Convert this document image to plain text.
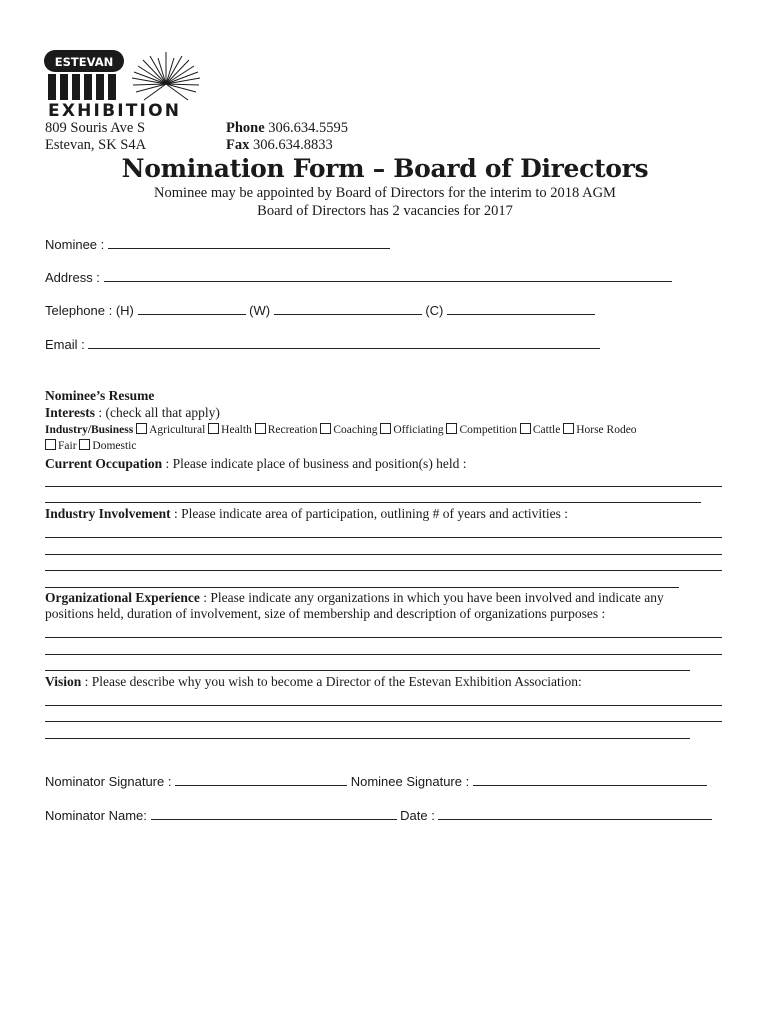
ESTEVAN
EXHIBITION
809 Souris Ave S
Estevan, SK S4A
Phone 306.634.5595
Fax 306.634.8833
Nomination Form – Board of Directors
Nominee may be appointed by Board of Directors for the interim to 2018 AGM
Board of Directors has 2 vacancies for 2017
Nominee :
Address :
Telephone : (H)	(W)	(C)
Email :
Nominee’s Resume
Interests : (check all that apply)
Industry/Business Agricultural Health Recreation Coaching Officiating Competition Cattle Horse Rodeo
Fair Domestic
Current Occupation : Please indicate place of business and position(s) held :
Industry Involvement : Please indicate area of participation, outlining # of years and activities :
Organizational Experience : Please indicate any organizations in which you have been involved and indicate any
positions held, duration of involvement, size of membership and description of organizations purposes :
Vision : Please describe why you wish to become a Director of the Estevan Exhibition Association:
Nominator Signature :	Nominee Signature :
Nominator Name:	Date :
